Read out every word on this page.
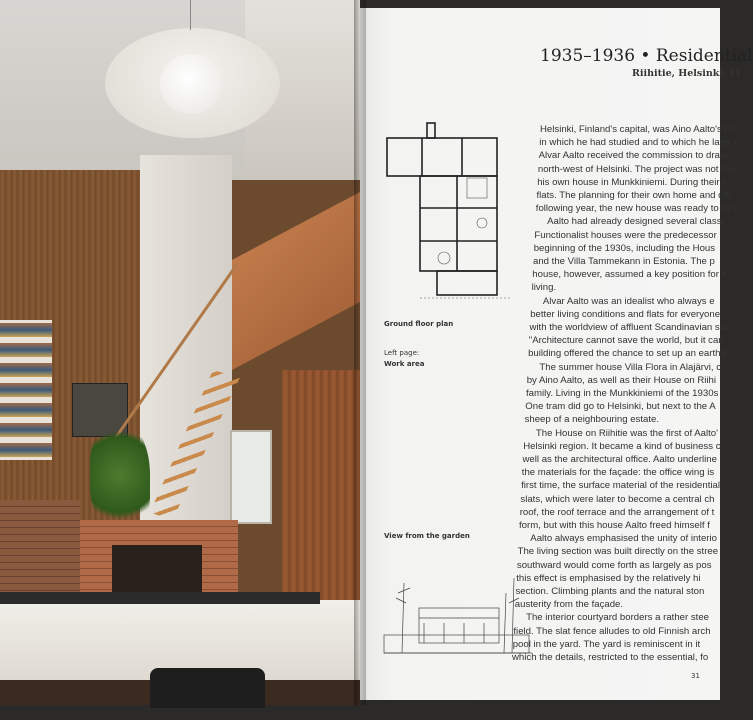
1935–1936 • Residential
Riihitie, Helsinki, Fi
Ground floor plan
Left page:
Work area
View from the garden
Helsinki, Finland's capital, was Aino Aalto's ho
in which he had studied and to which he later r
Alvar Aalto received the commission to draw
north-west of Helsinki. The project was not rea
his own house in Munkkiniemi. During their fi
flats. The planning for their own home and offi
following year, the new house was ready to be r
Aalto had already designed several classi
Functionalist houses were the predecessor
beginning of the 1930s, including the Hous
and the Villa Tammekann in Estonia. The p
house, however, assumed a key position for A
living.
Alvar Aalto was an idealist who always e
better living conditions and flats for everyone.
with the worldview of affluent Scandinavian soc
"Architecture cannot save the world, but it can
building offered the chance to set up an earthly
The summer house Villa Flora in Alajärvi, c
by Aino Aalto, as well as their House on Riihi
family. Living in the Munkkiniemi of the 1930s
One tram did go to Helsinki, but next to the A
sheep of a neighbouring estate.
The House on Riihitie was the first of Aalto'
Helsinki region. It became a kind of business c
well as the architectural office. Aalto underline
the materials for the façade: the office wing is
first time, the surface material of the residential
slats, which were later to become a central ch
roof, the roof terrace and the arrangement of t
form, but with this house Aalto freed himself f
Aalto always emphasised the unity of interio
The living section was built directly on the stree
southward would come forth as largely as pos
this effect is emphasised by the relatively hi
section. Climbing plants and the natural ston
austerity from the façade.
The interior courtyard borders a rather stee
field. The slat fence alludes to old Finnish arch
pool in the yard. The yard is reminiscent in it
which the details, restricted to the essential, fo
31
